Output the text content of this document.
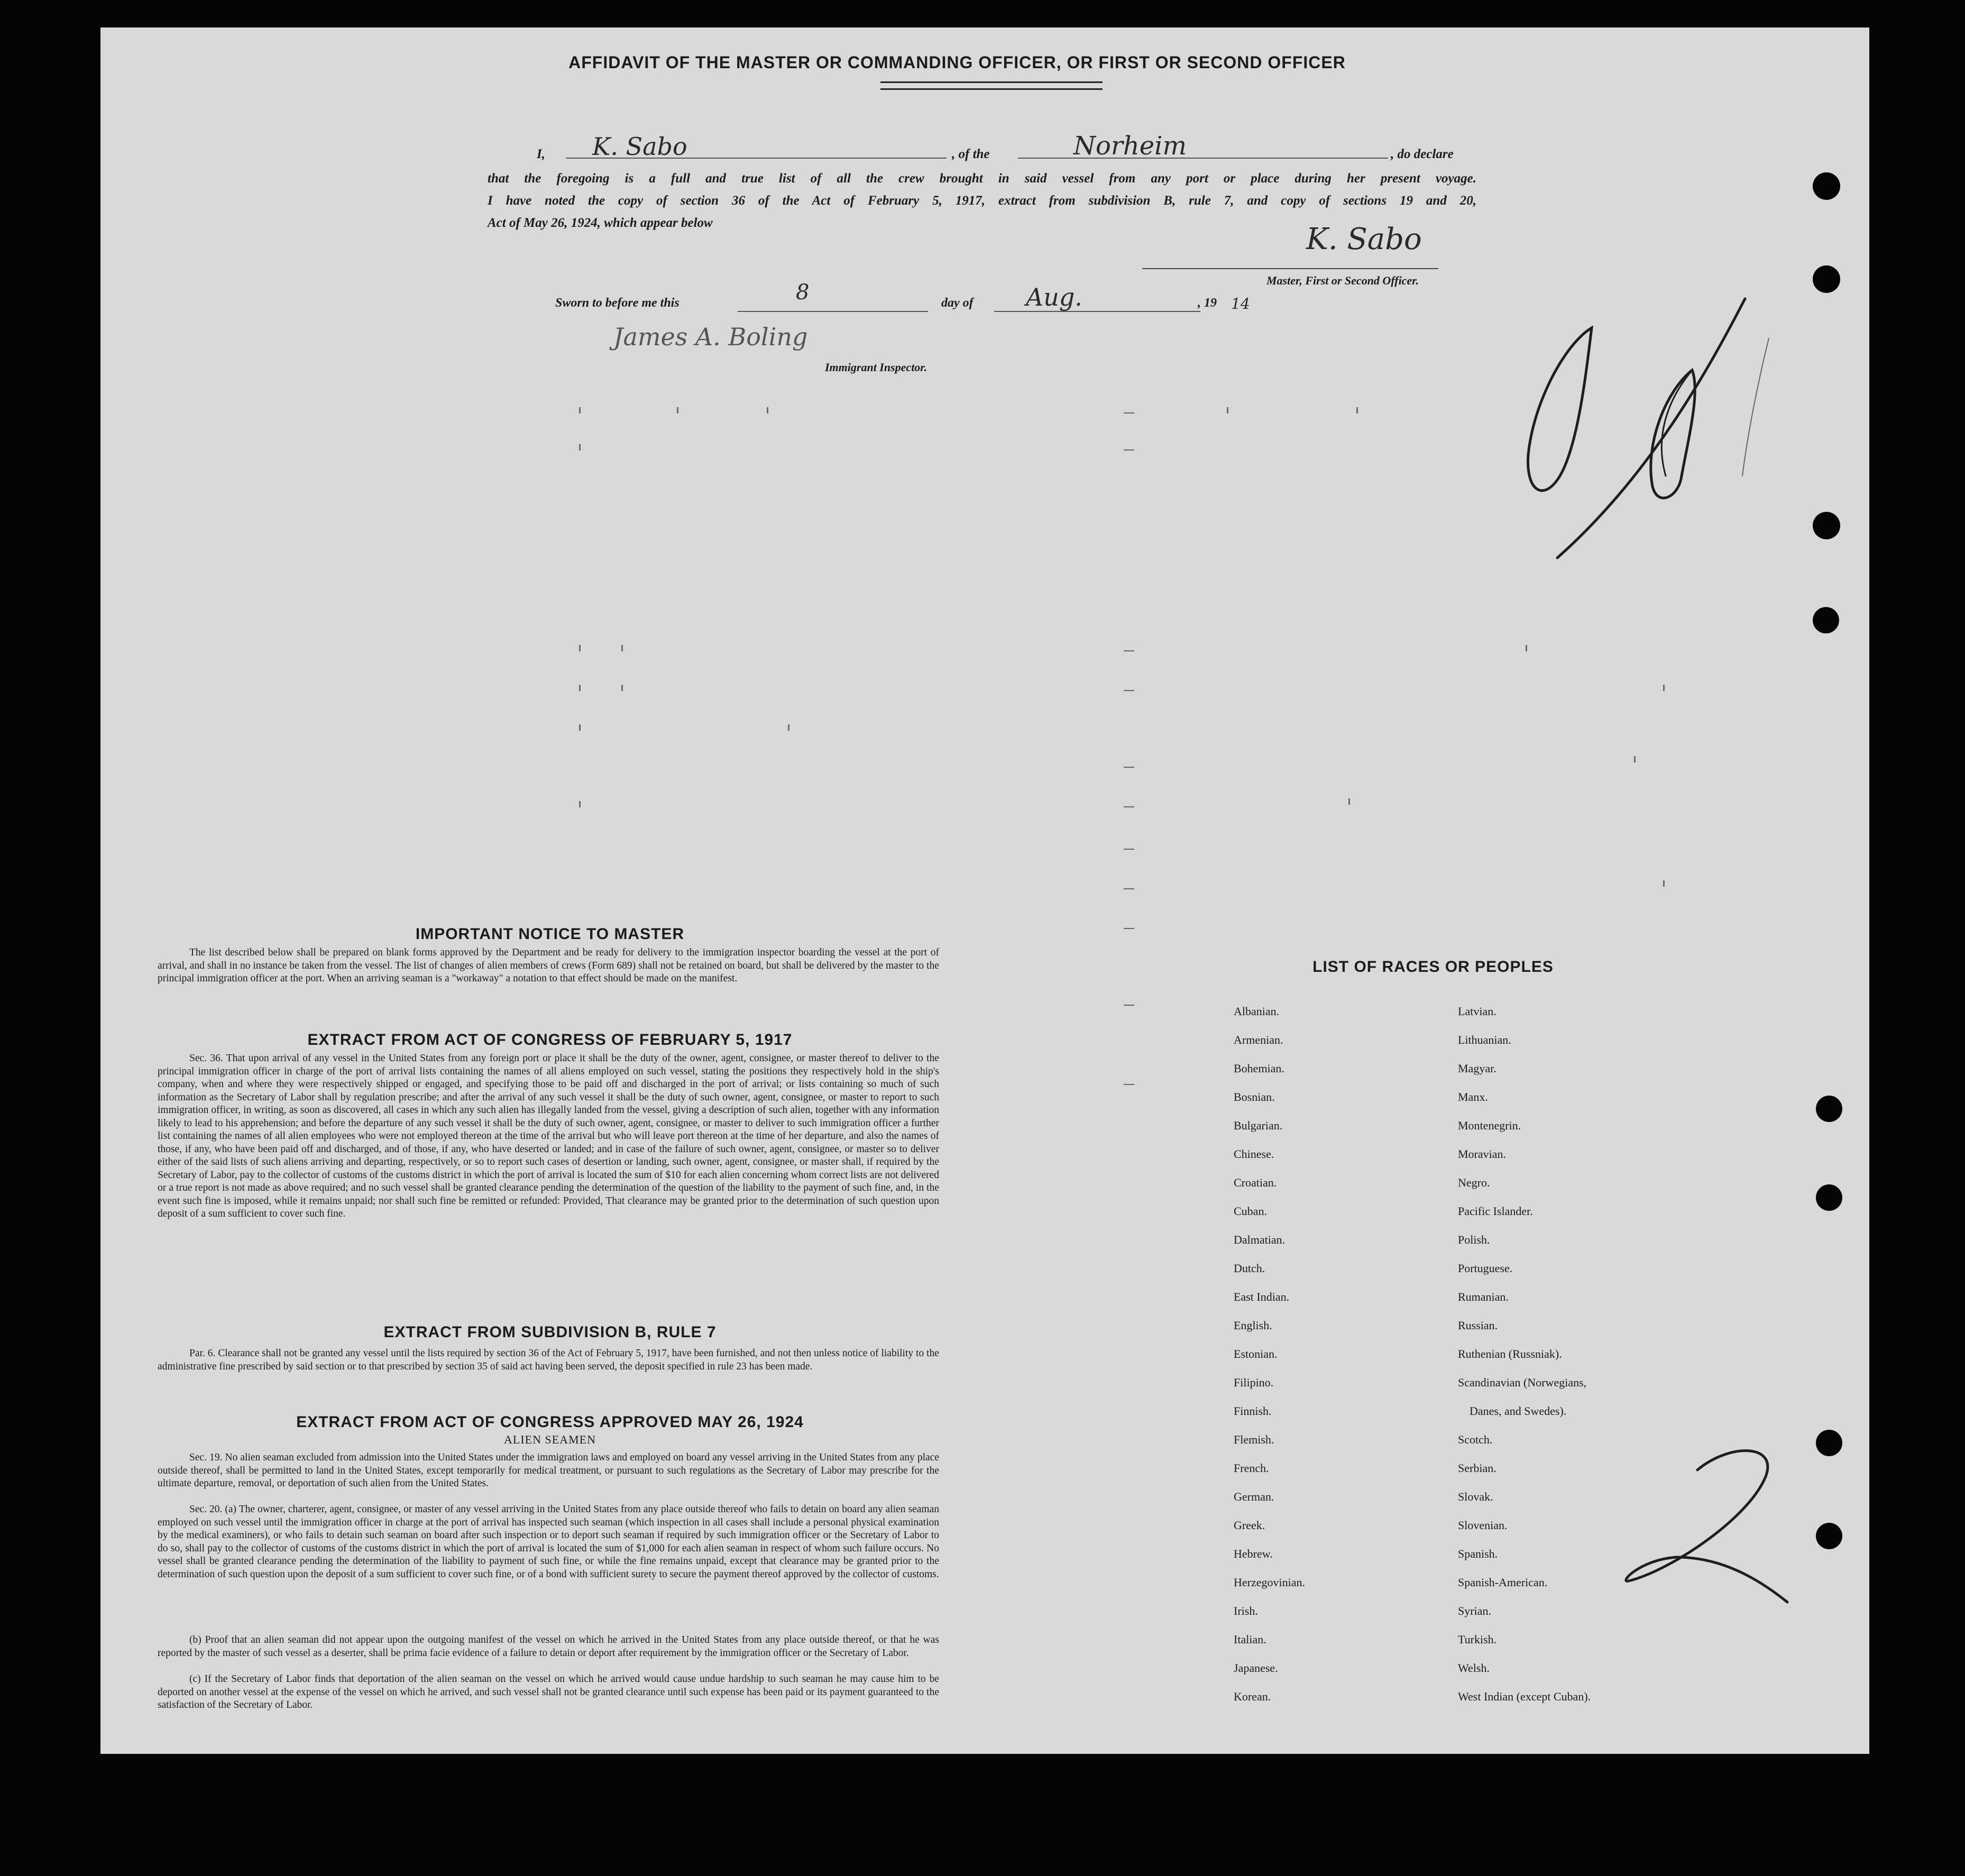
AFFIDAVIT OF THE MASTER OR COMMANDING OFFICER, OR FIRST OR SECOND OFFICER
I, K. Sabo	, of the	Norheim	, do declare
that the foregoing is a full and true list of all the crew brought in said vessel from any port or place during her present voyage.
I have noted the copy of section 36 of the Act of February 5, 1917, extract from subdivision B, rule 7, and copy of sections 19 and 20,
Act of May 26, 1924, which appear below	K. Sabo
Master, First or Second Officer.
Sworn to before me this	8	day of Aug.	, 19 14
James A. Boling
Immigrant Inspector.
IMPORTANT NOTICE TO MASTER
The list described below shall be prepared on blank forms approved by the Department and be ready for delivery to the immigration inspector boarding the vessel at the port of arrival, and shall in no instance be taken from the vessel. The list of changes of alien members of crews (Form 689) shall not be retained on board, but shall be delivered by the master to the principal immigration officer at the port. When an arriving seaman is a "workaway" a notation to that effect should be made on the manifest.
EXTRACT FROM ACT OF CONGRESS OF FEBRUARY 5, 1917
Sec. 36. That upon arrival of any vessel in the United States from any foreign port or place it shall be the duty of the owner, agent, consignee, or master thereof to deliver to the principal immigration officer in charge of the port of arrival lists containing the names of all aliens employed on such vessel, stating the positions they respectively hold in the ship's company, when and where they were respectively shipped or engaged, and specifying those to be paid off and discharged in the port of arrival; or lists containing so much of such information as the Secretary of Labor shall by regulation prescribe; and after the arrival of any such vessel it shall be the duty of such owner, agent, consignee, or master to report to such immigration officer, in writing, as soon as discovered, all cases in which any such alien has illegally landed from the vessel, giving a description of such alien, together with any information likely to lead to his apprehension; and before the departure of any such vessel it shall be the duty of such owner, agent, consignee, or master to deliver to such immigration officer a further list containing the names of all alien employees who were not employed thereon at the time of the arrival but who will leave port thereon at the time of her departure, and also the names of those, if any, who have been paid off and discharged, and of those, if any, who have deserted or landed; and in case of the failure of such owner, agent, consignee, or master so to deliver either of the said lists of such aliens arriving and departing, respectively, or so to report such cases of desertion or landing, such owner, agent, consignee, or master shall, if required by the Secretary of Labor, pay to the collector of customs of the customs district in which the port of arrival is located the sum of $10 for each alien concerning whom correct lists are not delivered or a true report is not made as above required; and no such vessel shall be granted clearance pending the determination of the question of the liability to the payment of such fine, and, in the event such fine is imposed, while it remains unpaid; nor shall such fine be remitted or refunded: Provided, That clearance may be granted prior to the determination of such question upon deposit of a sum sufficient to cover such fine.
EXTRACT FROM SUBDIVISION B, RULE 7
Par. 6. Clearance shall not be granted any vessel until the lists required by section 36 of the Act of February 5, 1917, have been furnished, and not then unless notice of liability to the administrative fine prescribed by said section or to that prescribed by section 35 of said act having been served, the deposit specified in rule 23 has been made.
EXTRACT FROM ACT OF CONGRESS APPROVED MAY 26, 1924
ALIEN SEAMEN
Sec. 19. No alien seaman excluded from admission into the United States under the immigration laws and employed on board any vessel arriving in the United States from any place outside thereof, shall be permitted to land in the United States, except temporarily for medical treatment, or pursuant to such regulations as the Secretary of Labor may prescribe for the ultimate departure, removal, or deportation of such alien from the United States.
Sec. 20. (a) The owner, charterer, agent, consignee, or master of any vessel arriving in the United States from any place outside thereof who fails to detain on board any alien seaman employed on such vessel until the immigration officer in charge at the port of arrival has inspected such seaman (which inspection in all cases shall include a personal physical examination by the medical examiners), or who fails to detain such seaman on board after such inspection or to deport such seaman if required by such immigration officer or the Secretary of Labor to do so, shall pay to the collector of customs of the customs district in which the port of arrival is located the sum of $1,000 for each alien seaman in respect of whom such failure occurs. No vessel shall be granted clearance pending the determination of the liability to payment of such fine, or while the fine remains unpaid, except that clearance may be granted prior to the determination of such question upon the deposit of a sum sufficient to cover such fine, or of a bond with sufficient surety to secure the payment thereof approved by the collector of customs.
(b) Proof that an alien seaman did not appear upon the outgoing manifest of the vessel on which he arrived in the United States from any place outside thereof, or that he was reported by the master of such vessel as a deserter, shall be prima facie evidence of a failure to detain or deport after requirement by the immigration officer or the Secretary of Labor.
(c) If the Secretary of Labor finds that deportation of the alien seaman on the vessel on which he arrived would cause undue hardship to such seaman he may cause him to be deported on another vessel at the expense of the vessel on which he arrived, and such vessel shall not be granted clearance until such expense has been paid or its payment guaranteed to the satisfaction of the Secretary of Labor.
LIST OF RACES OR PEOPLES
Albanian.
Armenian.
Bohemian.
Bosnian.
Bulgarian.
Chinese.
Croatian.
Cuban.
Dalmatian.
Dutch.
East Indian.
English.
Estonian.
Filipino.
Finnish.
Flemish.
French.
German.
Greek.
Hebrew.
Herzegovinian.
Irish.
Italian.
Japanese.
Korean.
Latvian.
Lithuanian.
Magyar.
Manx.
Montenegrin.
Moravian.
Negro.
Pacific Islander.
Polish.
Portuguese.
Rumanian.
Russian.
Ruthenian (Russniak).
Scandinavian (Norwegians,
Danes, and Swedes).
Scotch.
Serbian.
Slovak.
Slovenian.
Spanish.
Spanish-American.
Syrian.
Turkish.
Welsh.
West Indian (except Cuban).
